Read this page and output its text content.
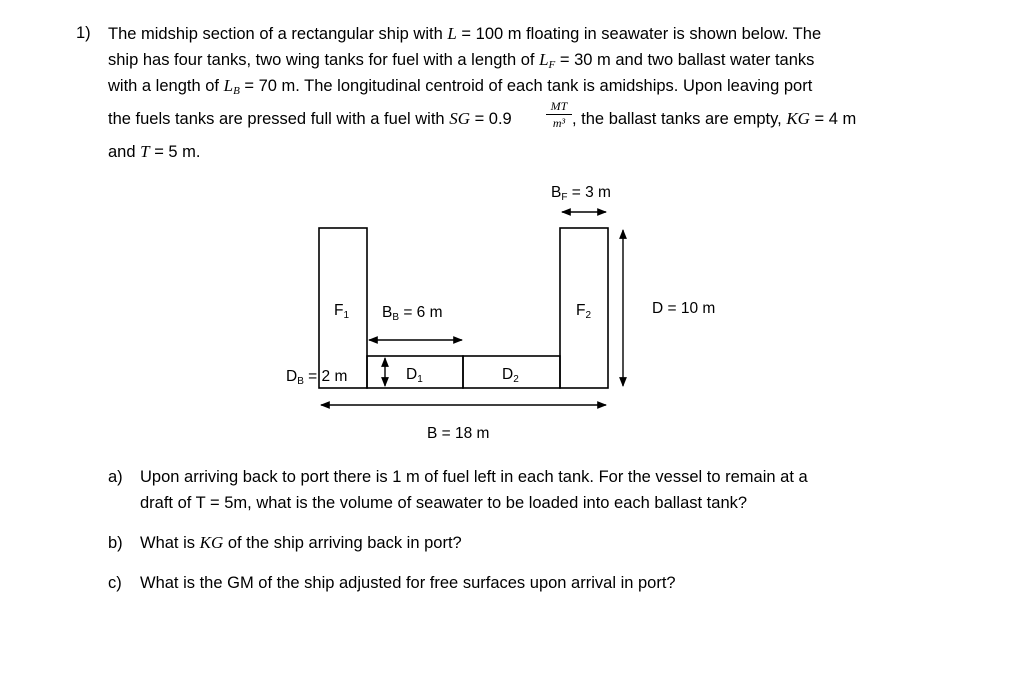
1) The midship section of a rectangular ship with L = 100 m floating in seawater is shown below. The
ship has four tanks, two wing tanks for fuel with a length of LF = 30 m and two ballast water tanks
with a length of LB = 70 m. The longitudinal centroid of each tank is amidships. Upon leaving port
the fuels tanks are pressed full with a fuel with SG = 0.9
MT
m³ , the ballast tanks are empty, KG = 4 m
and T = 5 m.
$B_F = 3$ m
$F_1$ $B_B = 6$ m	$F_2$	D = 10 m
$D_B = 2$ m	$D_1$	$D_2$
B = 18 m
a) Upon arriving back to port there is 1 m of fuel left in each tank. For the vessel to remain at a
draft of T = 5m, what is the volume of seawater to be loaded into each ballast tank?
b) What is KG of the ship arriving back in port?
c) What is the GM of the ship adjusted for free surfaces upon arrival in port?
